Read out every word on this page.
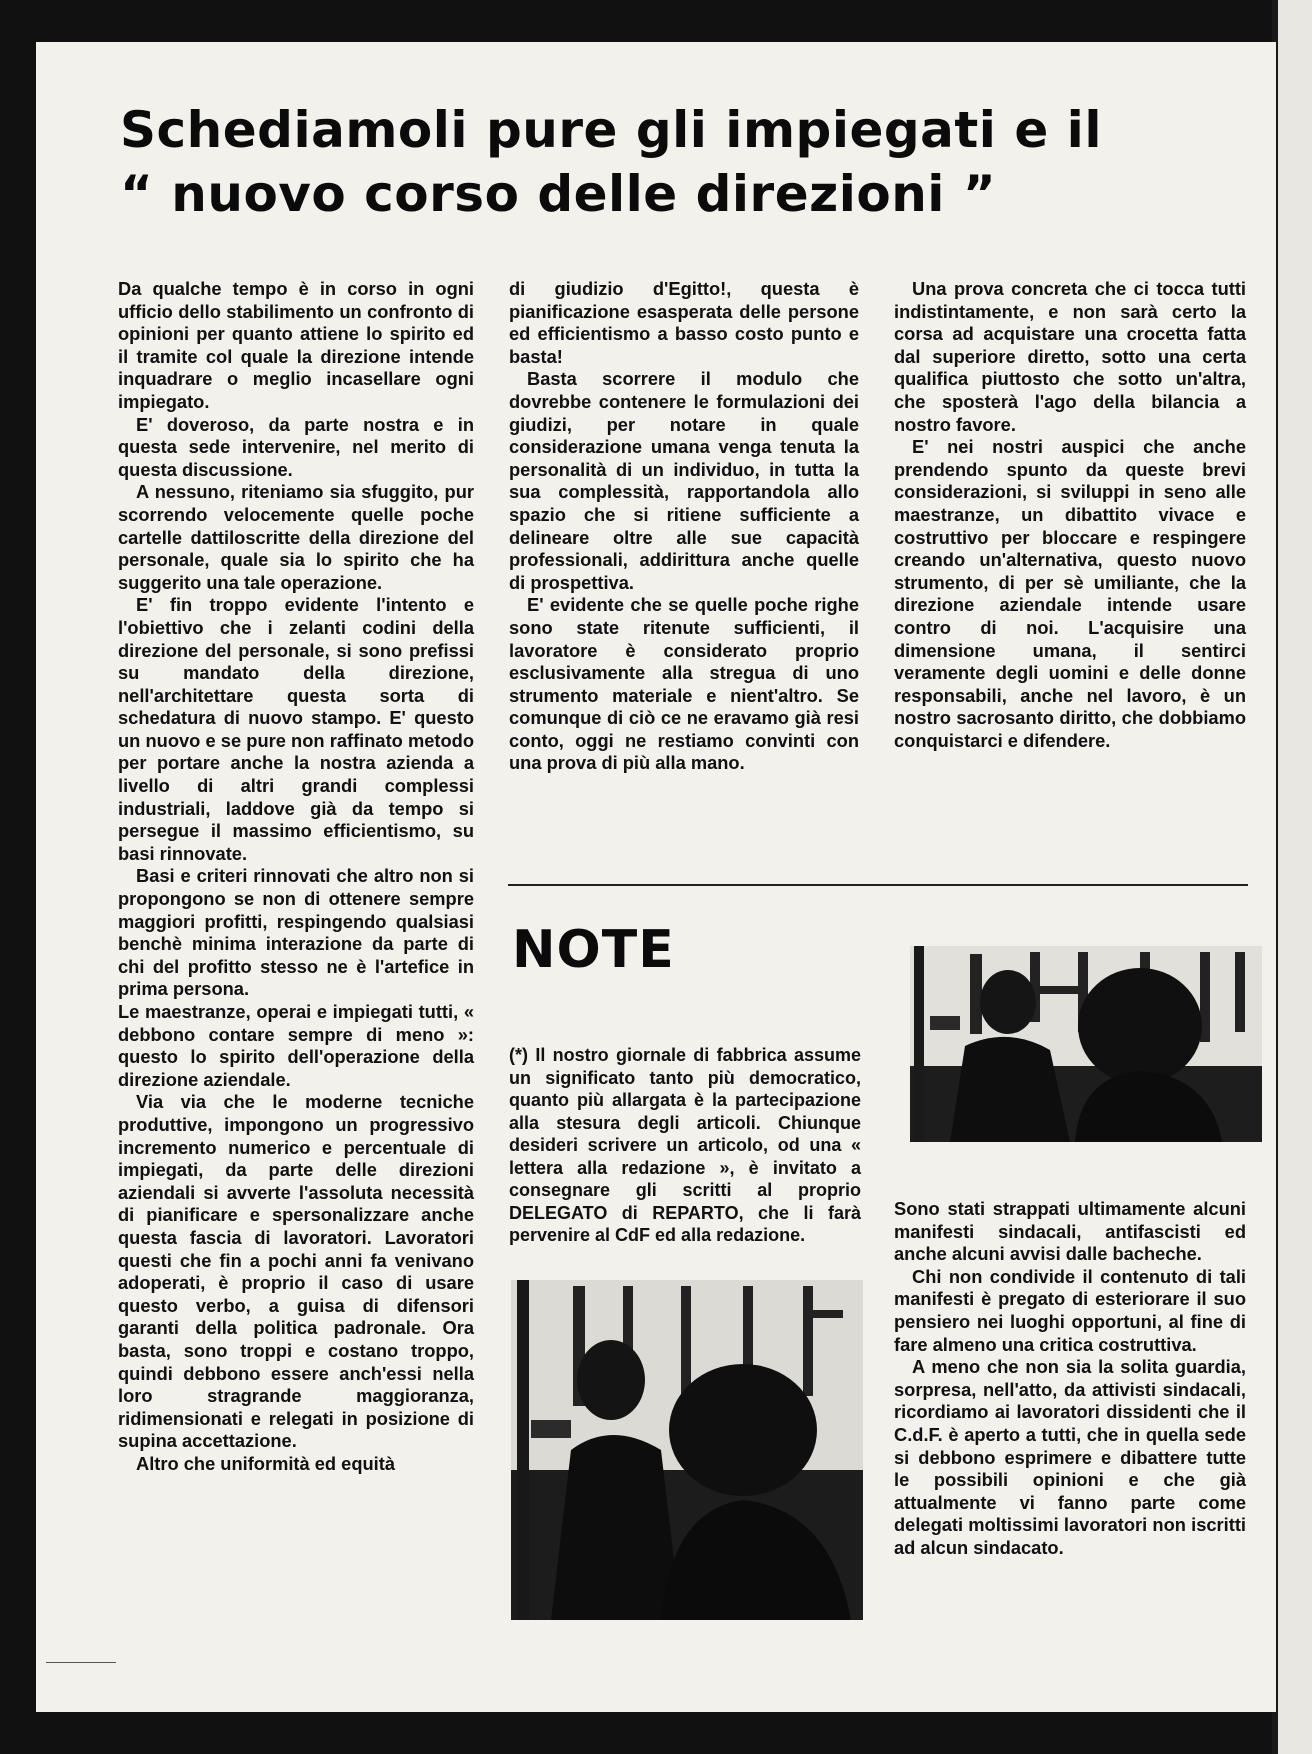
Schediamoli pure gli impiegati e il
“ nuovo corso delle direzioni ”

Da qualche tempo è in corso in ogni ufficio dello stabilimento un confronto di opinioni per quanto attiene lo spirito ed il tramite col quale la direzione intende inquadrare o meglio incasellare ogni impiegato.

E' doveroso, da parte nostra e in questa sede intervenire, nel merito di questa discussione.

A nessuno, riteniamo sia sfuggito, pur scorrendo velocemente quelle poche cartelle dattiloscritte della direzione del personale, quale sia lo spirito che ha suggerito una tale operazione.

E' fin troppo evidente l'intento e l'obiettivo che i zelanti codini della direzione del personale, si sono prefissi su mandato della direzione, nell'architettare questa sorta di schedatura di nuovo stampo. E' questo un nuovo e se pure non raffinato metodo per portare anche la nostra azienda a livello di altri grandi complessi industriali, laddove già da tempo si persegue il massimo efficientismo, su basi rinnovate.

Basi e criteri rinnovati che altro non si propongono se non di ottenere sempre maggiori profitti, respingendo qualsiasi benchè minima interazione da parte di chi del profitto stesso ne è l'artefice in prima persona.

Le maestranze, operai e impiegati tutti, « debbono contare sempre di meno »: questo lo spirito dell'operazione della direzione aziendale.

Via via che le moderne tecniche produttive, impongono un progressivo incremento numerico e percentuale di impiegati, da parte delle direzioni aziendali si avverte l'assoluta necessità di pianificare e spersonalizzare anche questa fascia di lavoratori. Lavoratori questi che fin a pochi anni fa venivano adoperati, è proprio il caso di usare questo verbo, a guisa di difensori garanti della politica padronale. Ora basta, sono troppi e costano troppo, quindi debbono essere anch'essi nella loro stragrande maggioranza, ridimensionati e relegati in posizione di supina accettazione.

Altro che uniformità ed equità

di giudizio d'Egitto!, questa è pianificazione esasperata delle persone ed efficientismo a basso costo punto e basta!

Basta scorrere il modulo che dovrebbe contenere le formulazioni dei giudizi, per notare in quale considerazione umana venga tenuta la personalità di un individuo, in tutta la sua complessità, rapportandola allo spazio che si ritiene sufficiente a delineare oltre alle sue capacità professionali, addirittura anche quelle di prospettiva.

E' evidente che se quelle poche righe sono state ritenute sufficienti, il lavoratore è considerato proprio esclusivamente alla stregua di uno strumento materiale e nient'altro. Se comunque di ciò ce ne eravamo già resi conto, oggi ne restiamo convinti con una prova di più alla mano.

Una prova concreta che ci tocca tutti indistintamente, e non sarà certo la corsa ad acquistare una crocetta fatta dal superiore diretto, sotto una certa qualifica piuttosto che sotto un'altra, che sposterà l'ago della bilancia a nostro favore.

E' nei nostri auspici che anche prendendo spunto da queste brevi considerazioni, si sviluppi in seno alle maestranze, un dibattito vivace e costruttivo per bloccare e respingere creando un'alternativa, questo nuovo strumento, di per sè umiliante, che la direzione aziendale intende usare contro di noi. L'acquisire una dimensione umana, il sentirci veramente degli uomini e delle donne responsabili, anche nel lavoro, è un nostro sacrosanto diritto, che dobbiamo conquistarci e difendere.

NOTE
(*) Il nostro giornale di fabbrica assume un significato tanto più democratico, quanto più allargata è la partecipazione alla stesura degli articoli. Chiunque desideri scrivere un articolo, od una « lettera alla redazione », è invitato a consegnare gli scritti al proprio DELEGATO di REPARTO, che li farà pervenire al CdF ed alla redazione.

Sono stati strappati ultimamente alcuni manifesti sindacali, antifascisti ed anche alcuni avvisi dalle bacheche.

Chi non condivide il contenuto di tali manifesti è pregato di esteriorare il suo pensiero nei luoghi opportuni, al fine di fare almeno una critica costruttiva.

A meno che non sia la solita guardia, sorpresa, nell'atto, da attivisti sindacali, ricordiamo ai lavoratori dissidenti che il C.d.F. è aperto a tutti, che in quella sede si debbono esprimere e dibattere tutte le possibili opinioni e che già attualmente vi fanno parte come delegati moltissimi lavoratori non iscritti ad alcun sindacato.
